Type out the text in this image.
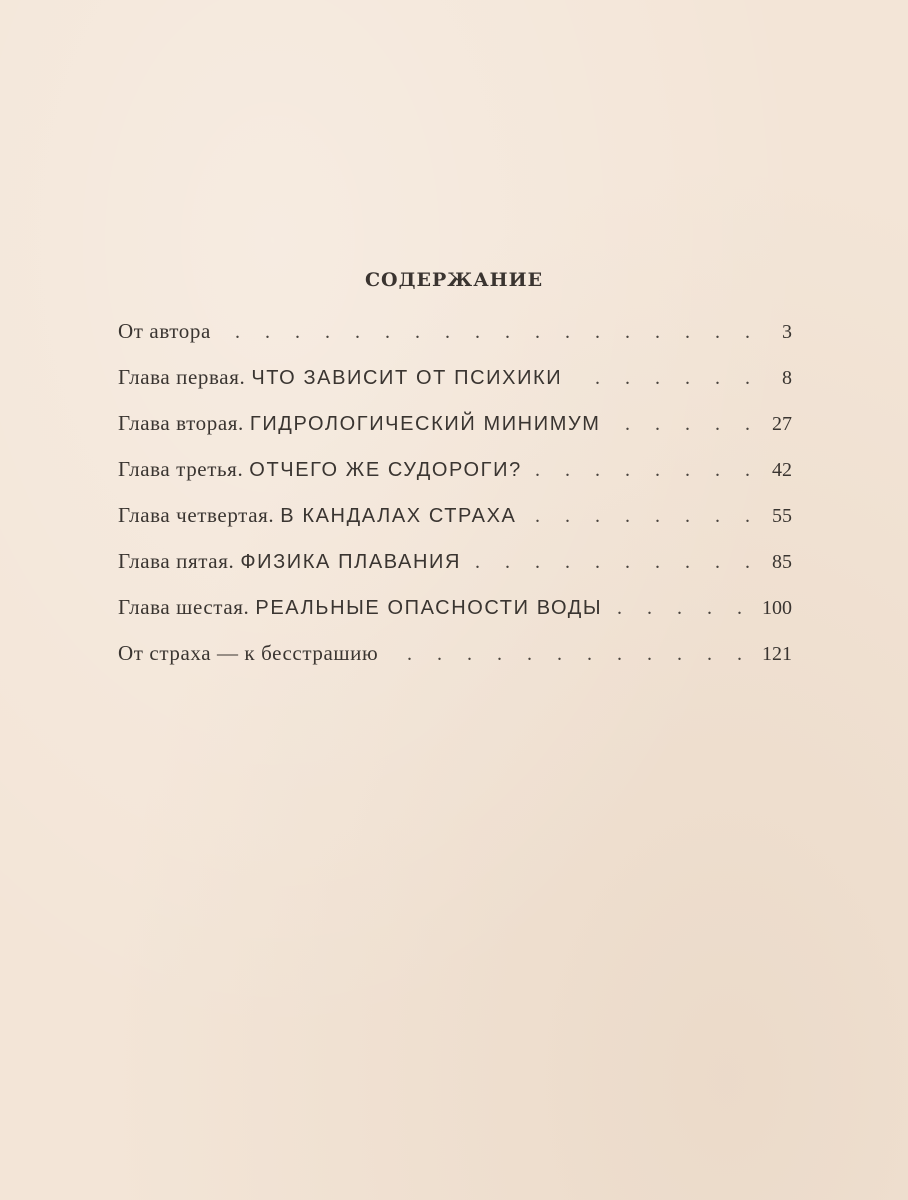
СОДЕРЖАНИЕ
От автора . . .	3
Глава первая. ЧТО ЗАВИСИТ ОТ ПСИХИКИ . . .	8
Глава вторая. ГИДРОЛОГИЧЕСКИЙ МИНИМУМ . . .	27
Глава третья. ОТЧЕГО ЖЕ СУДОРОГИ? . . .	42
Глава четвертая. В КАНДАЛАХ СТРАХА . . .	55
Глава пятая. ФИЗИКА ПЛАВАНИЯ . . .	85
Глава шестая. РЕАЛЬНЫЕ ОПАСНОСТИ ВОДЫ . . .	100
От страха — к бесстрашию . . .	121
